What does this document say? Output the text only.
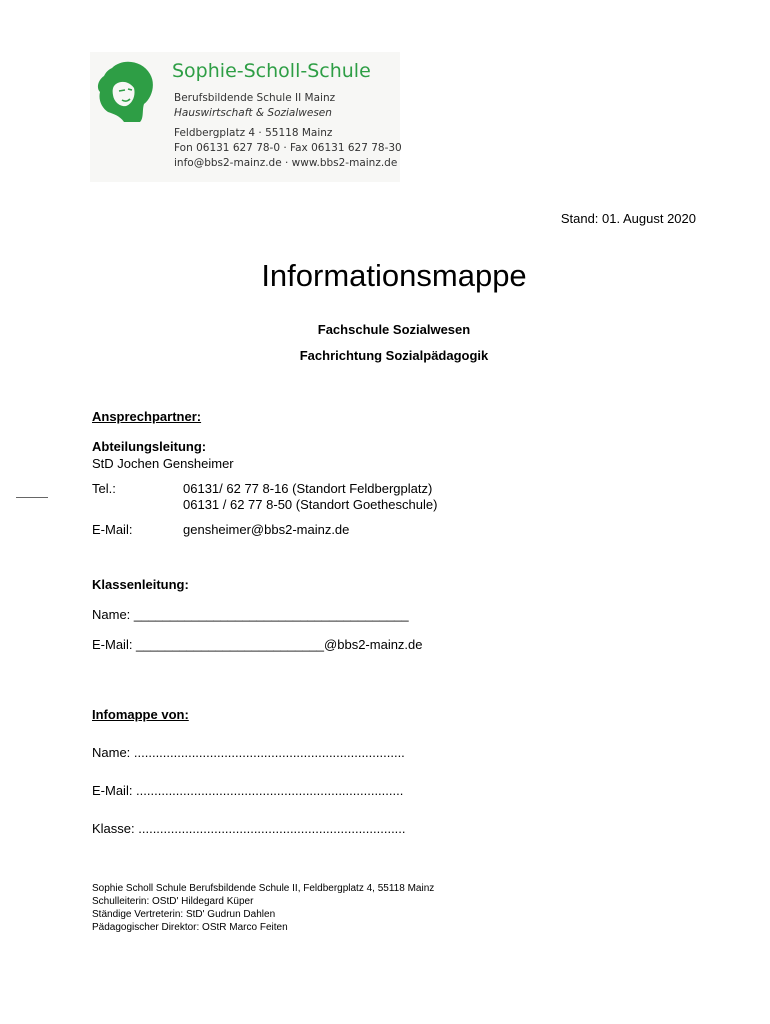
Sophie-Scholl-Schule
Berufsbildende Schule II Mainz
Hauswirtschaft & Sozialwesen
Feldbergplatz 4 · 55118 Mainz
Fon 06131 627 78-0 · Fax 06131 627 78-30
info@bbs2-mainz.de · www.bbs2-mainz.de
Stand: 01. August 2020
Informationsmappe
Fachschule Sozialwesen
Fachrichtung Sozialpädagogik
Ansprechpartner:
Abteilungsleitung:
StD Jochen Gensheimer
Tel.:	06131/ 62 77 8-16 (Standort Feldbergplatz)
06131 / 62 77 8-50 (Standort Goetheschule)
E-Mail:	gensheimer@bbs2-mainz.de
Klassenleitung:
Name: ______________________________________
E-Mail: __________________________@bbs2-mainz.de
Infomappe von:
Name: ...........................................................................
E-Mail: ..........................................................................
Klasse: ..........................................................................
Sophie Scholl Schule Berufsbildende Schule II, Feldbergplatz 4, 55118 Mainz
Schulleiterin: OStD' Hildegard Küper
Ständige Vertreterin: StD' Gudrun Dahlen
Pädagogischer Direktor: OStR Marco Feiten
